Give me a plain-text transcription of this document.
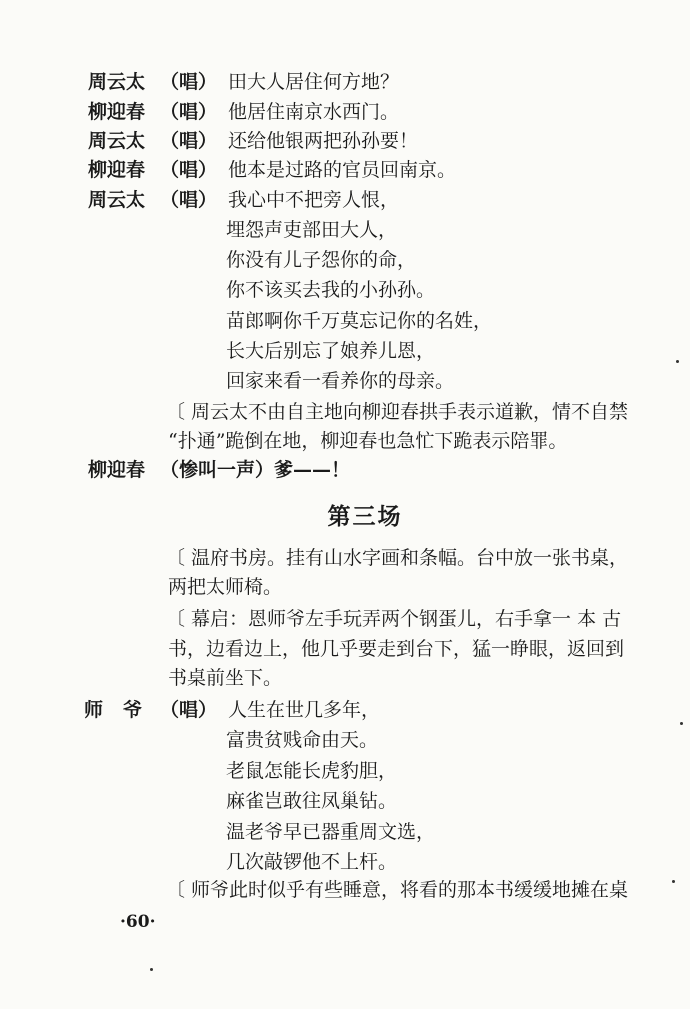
周云太 （唱） 田大人居住何方地？
柳迎春 （唱） 他居住南京水西门。
周云太 （唱） 还给他银两把孙孙要！
柳迎春 （唱） 他本是过路的官员回南京。
周云太 （唱） 我心中不把旁人恨，
埋怨声吏部田大人，
你没有儿子怨你的命，
你不该买去我的小孙孙。
苗郎啊你千万莫忘记你的名姓，
长大后别忘了娘养儿恩，
回家来看一看养你的母亲。
〔 周云太不由自主地向柳迎春拱手表示道歉，情不自禁
“扑通”跪倒在地，柳迎春也急忙下跪表示陪罪。
柳迎春 （惨叫一声）爹——！
第三场
〔 温府书房。挂有山水字画和条幅。台中放一张书桌，
两把太师椅。
〔 幕启：恩师爷左手玩弄两个钢蛋儿，右手拿一 本 古
书，边看边上，他几乎要走到台下，猛一睁眼，返回到
书桌前坐下。
师爷
（唱） 人生在世几多年，
富贵贫贱命由天。
老鼠怎能长虎豹胆，
麻雀岂敢往凤巢钻。
温老爷早已器重周文选，
几次敲锣他不上杆。
〔 师爷此时似乎有些睡意，将看的那本书缓缓地摊在桌
·60·
